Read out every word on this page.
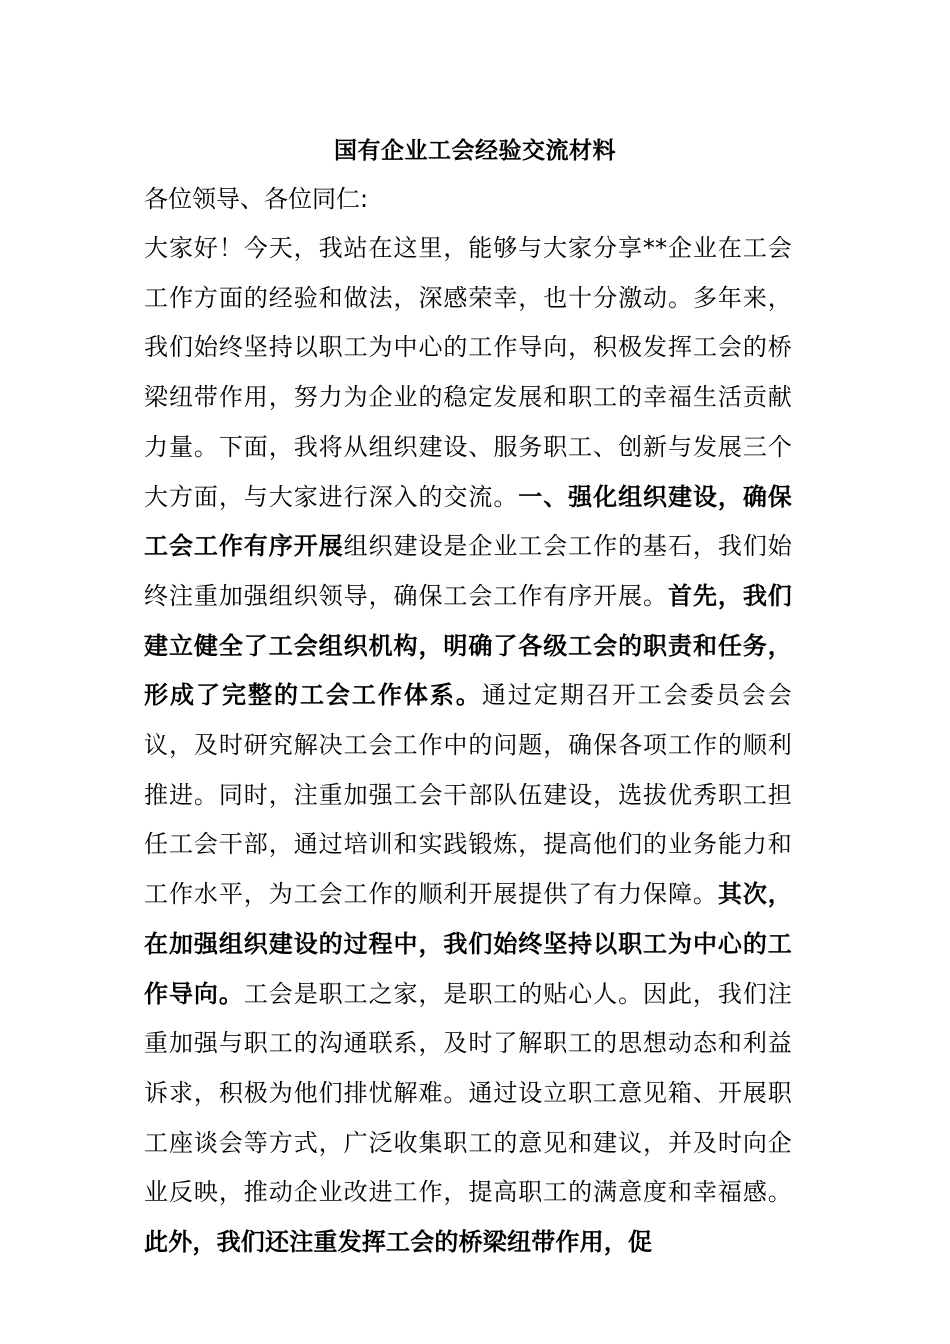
国有企业工会经验交流材料

各位领导、各位同仁:

大家好！今天，我站在这里，能够与大家分享**企业在工会工作方面的经验和做法，深感荣幸，也十分激动。多年来，我们始终坚持以职工为中心的工作导向，积极发挥工会的桥梁纽带作用，努力为企业的稳定发展和职工的幸福生活贡献力量。下面，我将从组织建设、服务职工、创新与发展三个大方面，与大家进行深入的交流。一、强化组织建设，确保工会工作有序开展组织建设是企业工会工作的基石，我们始终注重加强组织领导，确保工会工作有序开展。首先，我们建立健全了工会组织机构，明确了各级工会的职责和任务，形成了完整的工会工作体系。通过定期召开工会委员会会议，及时研究解决工会工作中的问题，确保各项工作的顺利推进。同时，注重加强工会干部队伍建设，选拔优秀职工担任工会干部，通过培训和实践锻炼，提高他们的业务能力和工作水平，为工会工作的顺利开展提供了有力保障。其次，在加强组织建设的过程中，我们始终坚持以职工为中心的工作导向。工会是职工之家，是职工的贴心人。因此，我们注重加强与职工的沟通联系，及时了解职工的思想动态和利益诉求，积极为他们排忧解难。通过设立职工意见箱、开展职工座谈会等方式，广泛收集职工的意见和建议，并及时向企业反映，推动企业改进工作，提高职工的满意度和幸福感。此外，我们还注重发挥工会的桥梁纽带作用，促
